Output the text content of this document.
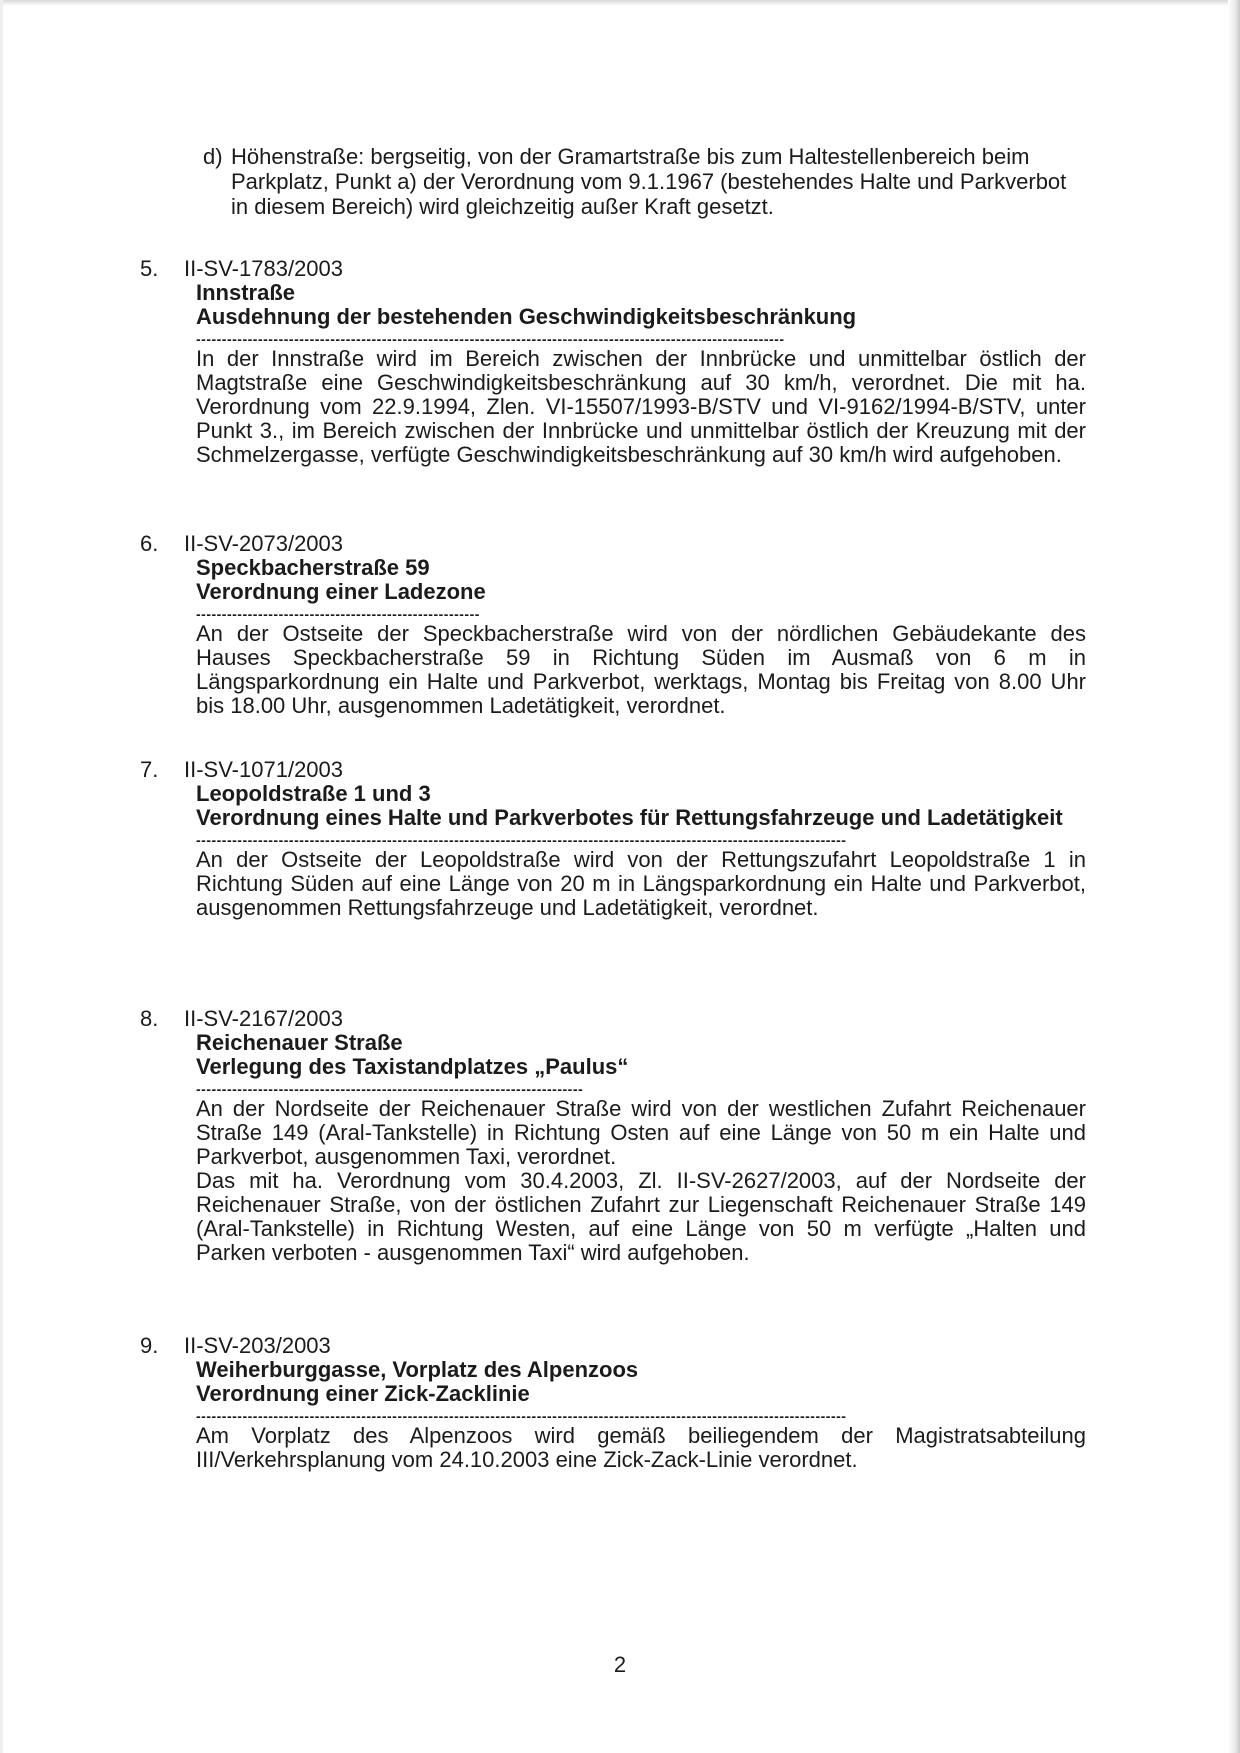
d) Höhenstraße: bergseitig, von der Gramartstraße bis zum Haltestellenbereich beim Parkplatz, Punkt a) der Verordnung vom 9.1.1967 (bestehendes Halte und Parkverbot in diesem Bereich) wird gleichzeitig außer Kraft gesetzt.
5.	II-SV-1783/2003
Innstraße
Ausdehnung der bestehenden Geschwindigkeitsbeschränkung
------------------------------------------------------------------------------------------------------------------

In der Innstraße wird im Bereich zwischen der Innbrücke und unmittelbar östlich der Magtstraße eine Geschwindigkeitsbeschränkung auf 30 km/h, verordnet. Die mit ha. Verordnung vom 22.9.1994, Zlen. VI-15507/1993-B/STV und VI-9162/1994-B/STV, unter Punkt 3., im Bereich zwischen der Innbrücke und unmittelbar östlich der Kreuzung mit der Schmelzergasse, verfügte Geschwindigkeitsbeschränkung auf 30 km/h wird aufgehoben.

6.	II-SV-2073/2003
Speckbacherstraße 59
Verordnung einer Ladezone
-------------------------------------------------------

An der Ostseite der Speckbacherstraße wird von der nördlichen Gebäudekante des Hauses Speckbacherstraße 59 in Richtung Süden im Ausmaß von 6 m in Längsparkordnung ein Halte und Parkverbot, werktags, Montag bis Freitag von 8.00 Uhr bis 18.00 Uhr, ausgenommen Ladetätigkeit, verordnet.

7.	II-SV-1071/2003
Leopoldstraße 1 und 3
Verordnung eines Halte und Parkverbotes für Rettungsfahrzeuge und Ladetätigkeit
------------------------------------------------------------------------------------------------------------------------------

An der Ostseite der Leopoldstraße wird von der Rettungszufahrt Leopoldstraße 1 in Richtung Süden auf eine Länge von 20 m in Längsparkordnung ein Halte und Parkverbot, ausgenommen Rettungsfahrzeuge und Ladetätigkeit, verordnet.

8.	II-SV-2167/2003
Reichenauer Straße
Verlegung des Taxistandplatzes „Paulus“
---------------------------------------------------------------------------

An der Nordseite der Reichenauer Straße wird von der westlichen Zufahrt Reichenauer Straße 149 (Aral-Tankstelle) in Richtung Osten auf eine Länge von 50 m ein Halte und Parkverbot, ausgenommen Taxi, verordnet.

Das mit ha. Verordnung vom 30.4.2003, Zl. II-SV-2627/2003, auf der Nordseite der Reichenauer Straße, von der östlichen Zufahrt zur Liegenschaft Reichenauer Straße 149 (Aral-Tankstelle) in Richtung Westen, auf eine Länge von 50 m verfügte „Halten und Parken verboten - ausgenommen Taxi“ wird aufgehoben.

9.	II-SV-203/2003
Weiherburggasse, Vorplatz des Alpenzoos
Verordnung einer Zick-Zacklinie
------------------------------------------------------------------------------------------------------------------------------

Am Vorplatz des Alpenzoos wird gemäß beiliegendem der Magistratsabteilung III/Verkehrsplanung vom 24.10.2003 eine Zick-Zack-Linie verordnet.

2
